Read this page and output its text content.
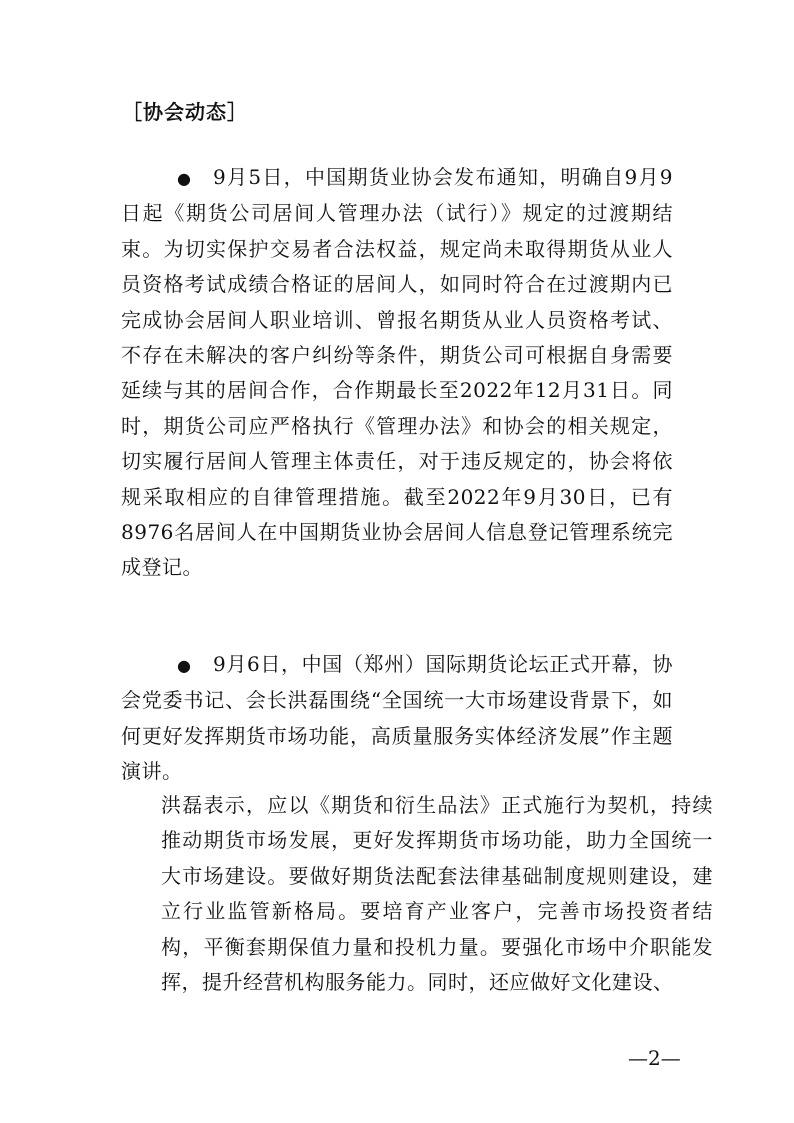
［协会动态］

● 9月5日，中国期货业协会发布通知，明确自9月9日起《期货公司居间人管理办法（试行）》规定的过渡期结束。为切实保护交易者合法权益，规定尚未取得期货从业人员资格考试成绩合格证的居间人，如同时符合在过渡期内已完成协会居间人职业培训、曾报名期货从业人员资格考试、不存在未解决的客户纠纷等条件，期货公司可根据自身需要延续与其的居间合作，合作期最长至2022年12月31日。同时，期货公司应严格执行《管理办法》和协会的相关规定，切实履行居间人管理主体责任，对于违反规定的，协会将依规采取相应的自律管理措施。截至2022年9月30日，已有8976名居间人在中国期货业协会居间人信息登记管理系统完成登记。

● 9月6日，中国（郑州）国际期货论坛正式开幕，协会党委书记、会长洪磊围绕“全国统一大市场建设背景下，如何更好发挥期货市场功能，高质量服务实体经济发展”作主题演讲。

洪磊表示，应以《期货和衍生品法》正式施行为契机，持续推动期货市场发展，更好发挥期货市场功能，助力全国统一大市场建设。要做好期货法配套法律基础制度规则建设，建立行业监管新格局。要培育产业客户，完善市场投资者结构，平衡套期保值力量和投机力量。要强化市场中介职能发挥，提升经营机构服务能力。同时，还应做好文化建设、

—2—
